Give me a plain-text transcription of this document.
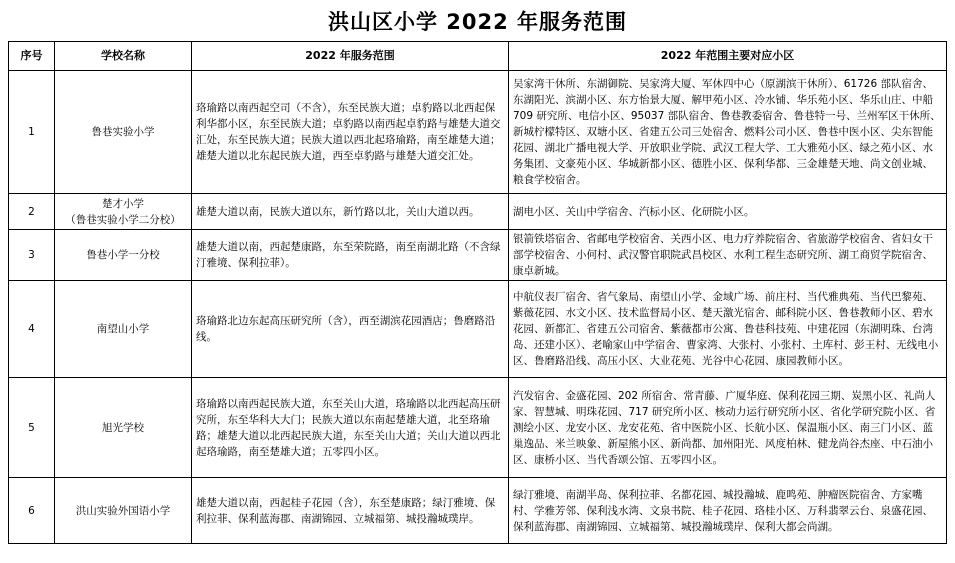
洪山区小学 2022 年服务范围
序号	学校名称	2022 年服务范围	2022 年范围主要对应小区
1	鲁巷实验小学	珞瑜路以南西起空司（不含），东至民族大道；卓豹路以北西起保利华都小区，东至民族大道；卓豹路以南西起卓豹路与雄楚大道交汇处，东至民族大道；民族大道以西北起珞瑜路，南至雄楚大道；雄楚大道以北东起民族大道，西至卓豹路与雄楚大道交汇处。	吴家湾干休所、东湖御院、吴家湾大厦、军休四中心（原湖滨干休所）、61726 部队宿舍、东湖阳光、滨湖小区、东方怡景大厦、解甲苑小区、冷水铺、华乐苑小区、华乐山庄、中船 709 研究所、电信小区、95037 部队宿舍、鲁巷教委宿舍、鲁巷特一号、兰州军区干休所、新城柠檬特区、双塘小区、省建五公司三处宿舍、燃料公司小区、鲁巷中医小区、尖东智能花园、湖北广播电视大学、开放职业学院、武汉工程大学、工大雅苑小区、绿之苑小区、水务集团、文豪苑小区、华城新都小区、德胜小区、保利华都、三金雄楚天地、尚文创业城、粮食学校宿舍。
2	楚才小学
（鲁巷实验小学二分校）	雄楚大道以南，民族大道以东，新竹路以北，关山大道以西。	湖电小区、关山中学宿舍、汽标小区、化研院小区。
3	鲁巷小学一分校	雄楚大道以南，西起楚康路，东至荣院路，南至南湖北路（不含绿汀雅境、保利拉菲）。	银箭铁塔宿舍、省邮电学校宿舍、关西小区、电力疗养院宿舍、省旅游学校宿舍、省妇女干部学校宿舍、小何村、武汉警官职院武昌校区、水利工程生态研究所、湖工商贸学院宿舍、康卓新城。
4	南望山小学	珞瑜路北边东起高压研究所（含），西至湖滨花园酒店；鲁磨路沿线。	中航仪表厂宿舍、省气象局、南望山小学、金域广场、前庄村、当代雅典苑、当代巴黎苑、紫薇花园、水文小区、技术监督局小区、楚天激光宿舍、邮科院小区、鲁巷教师小区、碧水花园、新都汇、省建五公司宿舍、紫薇都市公寓、鲁巷科技苑、中建花园（东湖明珠、台湾岛、还建小区）、老喻家山中学宿舍、曹家湾、大张村、小张村、土库村、彭王村、无线电小区、鲁磨路沿线、高压小区、大业花苑、光谷中心花园、康园教师小区。
5	旭光学校	珞瑜路以南西起民族大道，东至关山大道，珞瑜路以北西起高压研究所，东至华科大大门；民族大道以东南起楚雄大道，北至珞瑜路；雄楚大道以北西起民族大道，东至关山大道；关山大道以西北起珞瑜路，南至楚雄大道；五零四小区。	汽发宿舍、金盛花园、202 所宿舍、常青藤、广厦华庭、保利花园三期、炭黑小区、礼尚人家、智慧城、明珠花园、717 研究所小区、核动力运行研究所小区、省化学研究院小区、省测绘小区、龙安小区、龙安花苑、省中医院小区、长航小区、保温瓶小区、南三门小区、蓝巢逸品、米兰映象、新屋熊小区、新尚都、加州阳光、风度柏林、健龙尚谷杰座、中石油小区、康桥小区、当代香颂公馆、五零四小区。
6	洪山实验外国语小学	雄楚大道以南，西起桂子花园（含），东至楚康路；绿汀雅境、保利拉菲、保利蓝海郡、南湖锦园、立城福第、城投瀚城璞岸。	绿汀雅境、南湖半岛、保利拉菲、名都花园、城投瀚城、鹿鸣苑、肿瘤医院宿舍、方家嘴村、学雅芳邻、保利浅水湾、文泉书院、桂子花园、珞桂小区、万科翡翠云台、泉盛花园、保利蓝海郡、南湖锦园、立城福第、城投瀚城璞岸、保利大都会尚湖。
